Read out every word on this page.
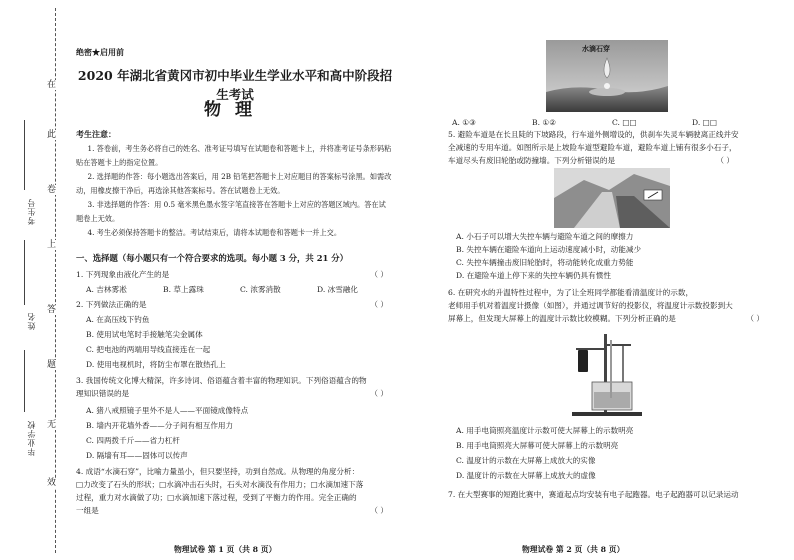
在
此
卷
上
答
题
无
效
考生号
姓名
毕业学校
绝密★启用前
2020 年湖北省黄冈市初中毕业生学业水平和高中阶段招
生考试
物理
考生注意：
1. 答卷前，考生务必将自己的姓名、准考证号填写在试题卷和答题卡上，并将准考证号条形码粘贴在答题卡上的指定位置。
2. 选择题的作答：每小题选出答案后，用 2B 铅笔把答题卡上对应题目的答案标号涂黑。如需改动，用橡皮擦干净后，再选涂其他答案标号。答在试题卷上无效。
3. 非选择题的作答：用 0.5 毫米黑色墨水签字笔直接答在答题卡上对应的答题区域内。答在试题卷上无效。
4. 考生必须保持答题卡的整洁。考试结束后，请将本试题卷和答题卡一并上交。
一、选择题（每小题只有一个符合要求的选项。每小题 3 分，共 21 分）
1. 下列现象由液化产生的是	（ ）
A. 吉林雾凇	B. 草上露珠	C. 浓雾消散	D. 冰雪融化
2. 下列做法正确的是	（ ）
A. 在高压线下钓鱼
B. 使用试电笔时手接触笔尖金属体
C. 把电池的两端用导线直接连在一起
D. 使用电视机时，将防尘布罩在散热孔上
3. 我国传统文化博大精深，许多诗词、俗语蕴含着丰富的物理知识。下列俗语蕴含的物
理知识错误的是	（ ）
A. 猪八戒照镜子里外不是人——平面镜成像特点
B. 墙内开花墙外香——分子间有相互作用力
C. 四两拨千斤——省力杠杆
D. 隔墙有耳——固体可以传声
4. 成语“水滴石穿”，比喻力量虽小，但只要坚持，功到自然成。从物理的角度分析：
□力改变了石头的形状；□水滴冲击石头时，石头对水滴没有作用力；□水滴加速下落
过程，重力对水滴做了功；□水滴加速下落过程，受到了平衡力的作用。完全正确的
一组是	（ ）
物理试卷 第 1 页（共 8 页）
水滴石穿
A. ①③	B. ①②	C. □□	D. □□
5. 避险车道是在长且陡的下坡路段，行车道外侧增设的，供刹车失灵车辆驶离正线并安
全减速的专用车道。如图所示是上坡险车道型避险车道，避险车道上铺有很多小石子，
车道尽头有废旧轮胎或防撞墙。下列分析错误的是	（ ）
A. 小石子可以增大失控车辆与避险车道之间的摩擦力
B. 失控车辆在避险车道向上运动速度减小时，动能减少
C. 失控车辆撞击废旧轮胎时，将动能转化成重力势能
D. 在避险车道上停下来的失控车辆仍具有惯性
6. 在研究水的升温特性过程中，为了让全班同学都能看清温度计的示数，
老师用手机对着温度计摄像（如图），并通过调节好的投影仪，将温度计示数投影到大
屏幕上，但发现大屏幕上的温度计示数比较模糊。下列分析正确的是	（ ）
A. 用手电筒照亮温度计示数可使大屏幕上的示数明亮
B. 用手电筒照亮大屏幕可使大屏幕上的示数明亮
C. 温度计的示数在大屏幕上成放大的实像
D. 温度计的示数在大屏幕上成放大的虚像
7. 在大型赛事的短跑比赛中，赛道起点均安装有电子起跑器。电子起跑器可以记录运动
物理试卷 第 2 页（共 8 页）
